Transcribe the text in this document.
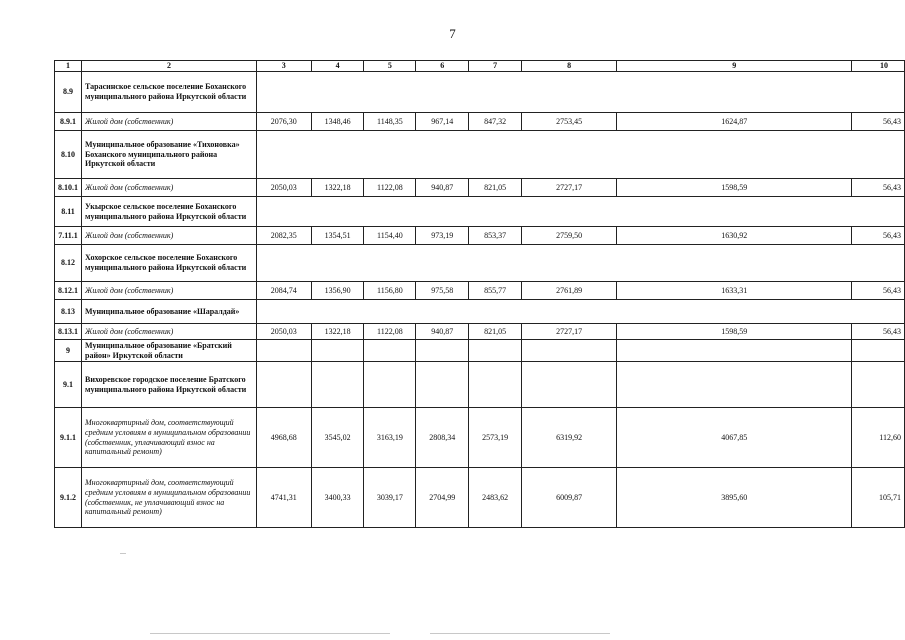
7
1	2	3	4	5	6	7	8	9	10
8.9	Тарасинское сельское поселение Боханского муниципального района Иркутской области								
8.9.1	Жилой дом (собственник)	2076,30	1348,46	1148,35	967,14	847,32	2753,45	1624,87	56,43
8.10	Муниципальное образование «Тихоновка» Боханского муниципального района Иркутской области								
8.10.1	Жилой дом (собственник)	2050,03	1322,18	1122,08	940,87	821,05	2727,17	1598,59	56,43
8.11	Укырское сельское поселение Боханского муниципального района Иркутской области								
7.11.1	Жилой дом (собственник)	2082,35	1354,51	1154,40	973,19	853,37	2759,50	1630,92	56,43
8.12	Хохорское сельское поселение Боханского муниципального района Иркутской области								
8.12.1	Жилой дом (собственник)	2084,74	1356,90	1156,80	975,58	855,77	2761,89	1633,31	56,43
8.13	Муниципальное образование «Шаралдай»								
8.13.1	Жилой дом (собственник)	2050,03	1322,18	1122,08	940,87	821,05	2727,17	1598,59	56,43
9	Муниципальное образование «Братский район» Иркутской области								
9.1	Вихоревское городское поселение Братского муниципального района Иркутской области								
9.1.1	Многоквартирный дом, соответствующий средним условиям в муниципальном образовании (собственник, уплачивающий взнос на капитальный ремонт)	4968,68	3545,02	3163,19	2808,34	2573,19	6319,92	4067,85	112,60
9.1.2	Многоквартирный дом, соответствующий средним условиям в муниципальном образовании (собственник, не уплачивающий взнос на капитальный ремонт)	4741,31	3400,33	3039,17	2704,99	2483,62	6009,87	3895,60	105,71
